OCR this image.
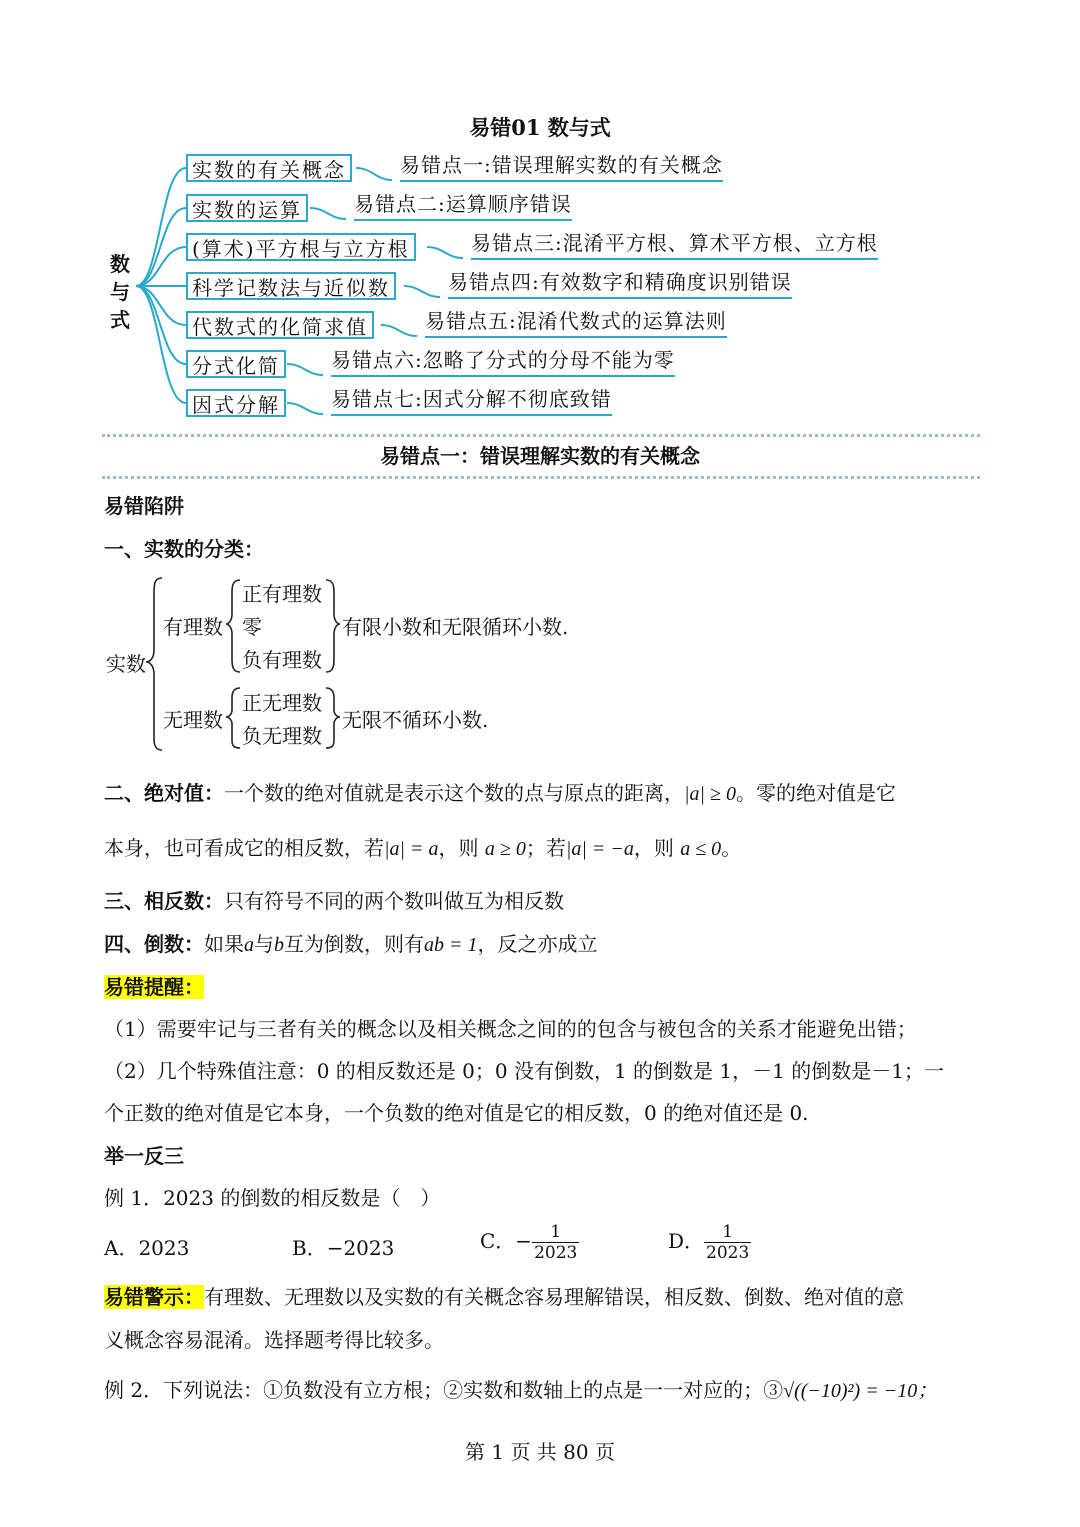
易错01 数与式
数
与
式
实数的有关概念	易错点一:错误理解实数的有关概念
实数的运算	易错点二:运算顺序错误
(算术)平方根与立方根	易错点三:混淆平方根、算术平方根、立方根
科学记数法与近似数	易错点四:有效数字和精确度识别错误
代数式的化简求值	易错点五:混淆代数式的运算法则
分式化简	易错点六:忽略了分式的分母不能为零
因式分解	易错点七:因式分解不彻底致错
易错点一：错误理解实数的有关概念
易错陷阱
一、实数的分类：
实数
有理数
正有理数
零
负有理数
有限小数和无限循环小数.
无理数
正无理数
负无理数
无限不循环小数.
二、绝对值：一个数的绝对值就是表示这个数的点与原点的距离，|a| ≥ 0。零的绝对值是它
本身，也可看成它的相反数，若|a| = a，则 a ≥ 0；若|a| = −a，则 a ≤ 0。
三、相反数：只有符号不同的两个数叫做互为相反数
四、倒数：如果a与b互为倒数，则有ab = 1，反之亦成立
易错提醒：
（1）需要牢记与三者有关的概念以及相关概念之间的的包含与被包含的关系才能避免出错；
（2）几个特殊值注意：0 的相反数还是 0；0 没有倒数，1 的倒数是 1，－1 的倒数是－1；一
个正数的绝对值是它本身，一个负数的绝对值是它的相反数，0 的绝对值还是 0.
举一反三
例 1．2023 的倒数的相反数是（　）
A．2023	B．−2023	C．− $\frac{1}{2023}$	D． $\frac{1}{2023}$
易错警示：有理数、无理数以及实数的有关概念容易理解错误，相反数、倒数、绝对值的意
义概念容易混淆。选择题考得比较多。
例 2．下列说法：①负数没有立方根；②实数和数轴上的点是一一对应的；③√((−10)²) = −10；
第 1 页 共 80 页
